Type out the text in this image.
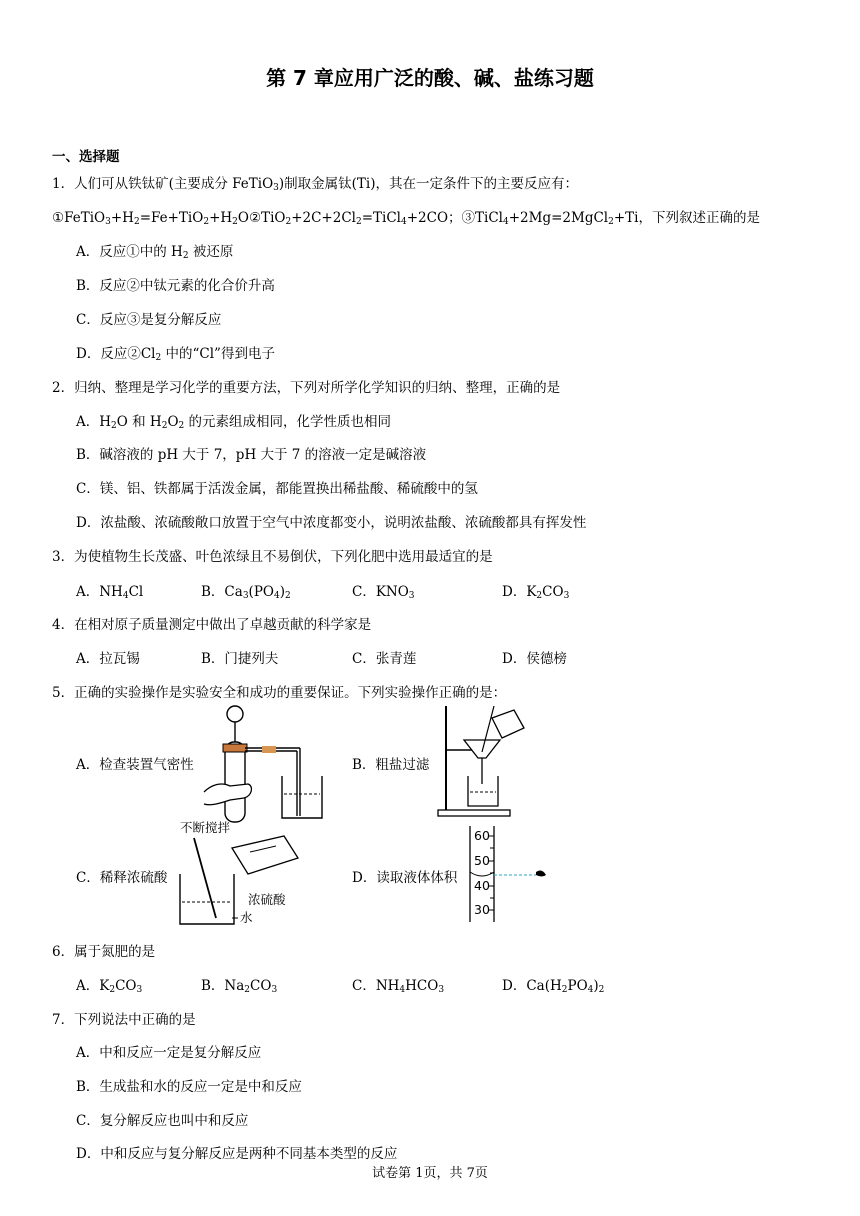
第 7 章应用广泛的酸、碱、盐练习题
一、选择题
1．人们可从铁钛矿(主要成分 FeTiO$_3$)制取金属钛(Ti)，其在一定条件下的主要反应有：
$①FeTiO_3+H_2=Fe+TiO_2+H_2O②TiO_2+2C+2Cl_2=TiCl_4+2CO$；③TiCl$_4$+2Mg=2MgCl$_2$+Ti，下列叙述正确的是
A．反应①中的 $H_2$ 被还原
B．反应②中钛元素的化合价升高
C．反应③是复分解反应
D．反应$②Cl_2$ 中的“Cl”得到电子
2．归纳、整理是学习化学的重要方法，下列对所学化学知识的归纳、整理，正确的是
A．$H_2O$ 和 $H_2O_2$ 的元素组成相同，化学性质也相同
B．碱溶液的 pH 大于 7，pH 大于 7 的溶液一定是碱溶液
C．镁、铝、铁都属于活泼金属，都能置换出稀盐酸、稀硫酸中的氢
D．浓盐酸、浓硫酸敞口放置于空气中浓度都变小，说明浓盐酸、浓硫酸都具有挥发性
3．为使植物生长茂盛、叶色浓绿且不易倒伏，下列化肥中选用最适宜的是
A．$NH_4Cl$	B．$Ca_3(PO_4)_2$	C．$KNO_3$	D．$K_2CO_3$
4．在相对原子质量测定中做出了卓越贡献的科学家是
A．拉瓦锡	B．门捷列夫	C．张青莲	D．侯德榜
5．正确的实验操作是实验安全和成功的重要保证。下列实验操作正确的是：
A．检查装置气密性	B．粗盐过滤
C．稀释浓硫酸	D．读取液体体积
不断搅拌
水
浓硫酸
60
50
40
30
6．属于氮肥的是
A．$K_2CO_3$	B．$Na_2CO_3$	C．$NH_4HCO_3$	D．$Ca(H_2PO_4)_2$
7．下列说法中正确的是
A．中和反应一定是复分解反应
B．生成盐和水的反应一定是中和反应
C．复分解反应也叫中和反应
D．中和反应与复分解反应是两种不同基本类型的反应
试卷第 1页，共 7页
